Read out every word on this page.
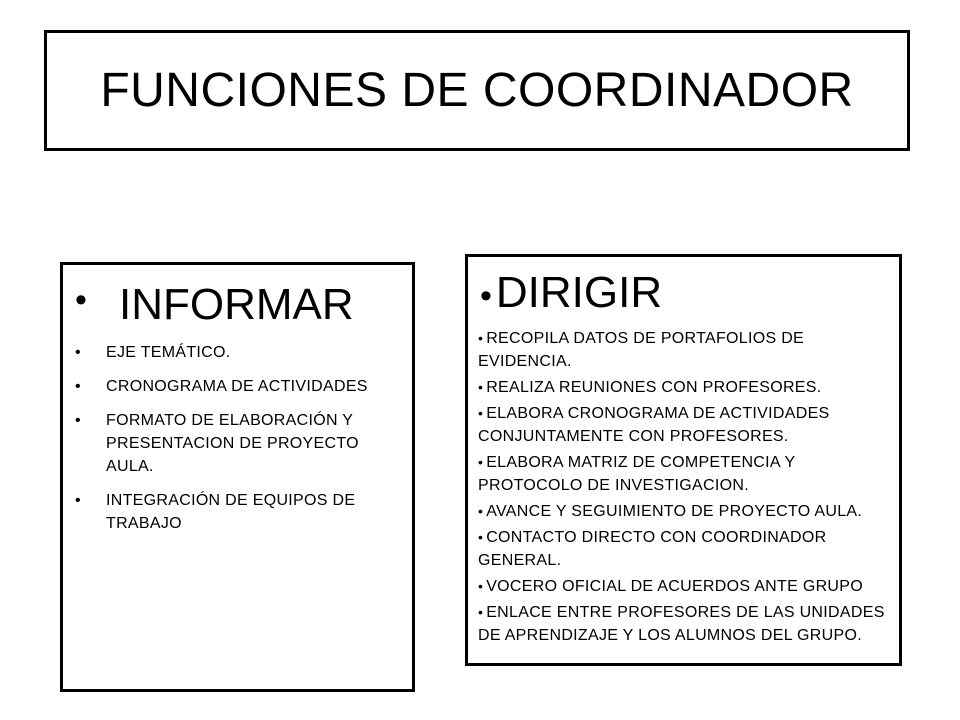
FUNCIONES DE COORDINADOR
• INFORMAR
• EJE TEMÁTICO.
• CRONOGRAMA DE ACTIVIDADES
• FORMATO DE ELABORACIÓN Y PRESENTACION DE PROYECTO AULA.
• INTEGRACIÓN DE EQUIPOS DE TRABAJO
•DIRIGIR
• RECOPILA DATOS DE PORTAFOLIOS DE EVIDENCIA.
• REALIZA REUNIONES CON PROFESORES.
• ELABORA CRONOGRAMA DE ACTIVIDADES CONJUNTAMENTE CON PROFESORES.
• ELABORA MATRIZ DE COMPETENCIA Y PROTOCOLO DE INVESTIGACION.
• AVANCE Y SEGUIMIENTO DE PROYECTO AULA.
• CONTACTO DIRECTO CON COORDINADOR GENERAL.
• VOCERO OFICIAL DE ACUERDOS ANTE GRUPO
• ENLACE ENTRE PROFESORES DE LAS UNIDADES DE APRENDIZAJE Y LOS ALUMNOS DEL GRUPO.
